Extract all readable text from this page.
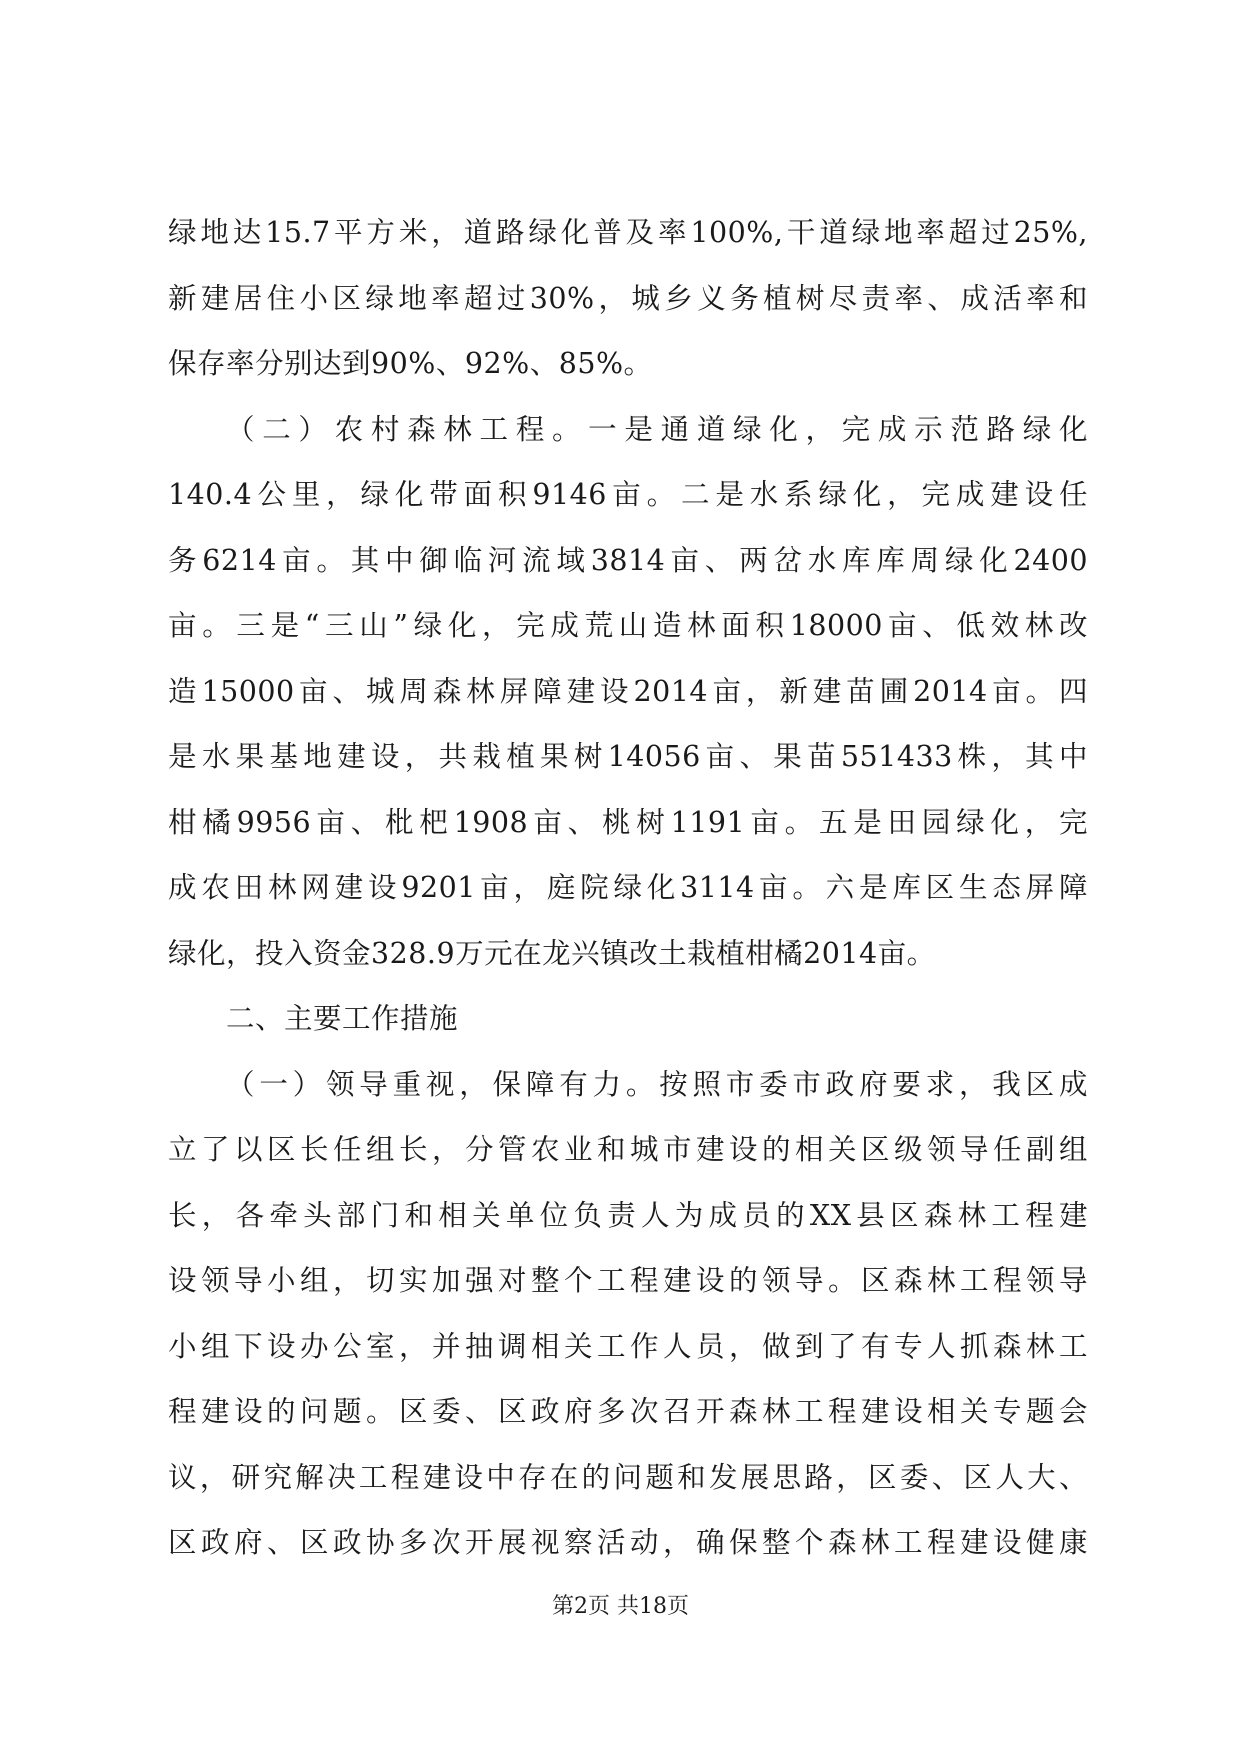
绿地达15.7平方米，道路绿化普及率100%,干道绿地率超过25%,
新建居住小区绿地率超过30%，城乡义务植树尽责率、成活率和
保存率分别达到90%、92%、85%。
（二）农村森林工程。一是通道绿化，完成示范路绿化
140.4公里，绿化带面积9146亩。二是水系绿化，完成建设任
务6214亩。其中御临河流域3814亩、两岔水库库周绿化2400
亩。三是“三山”绿化，完成荒山造林面积18000亩、低效林改
造15000亩、城周森林屏障建设2014亩，新建苗圃2014亩。四
是水果基地建设，共栽植果树14056亩、果苗551433株，其中
柑橘9956亩、枇杷1908亩、桃树1191亩。五是田园绿化，完
成农田林网建设9201亩，庭院绿化3114亩。六是库区生态屏障
绿化，投入资金328.9万元在龙兴镇改土栽植柑橘2014亩。
二、主要工作措施
（一）领导重视，保障有力。按照市委市政府要求，我区成
立了以区长任组长，分管农业和城市建设的相关区级领导任副组
长，各牵头部门和相关单位负责人为成员的XX县区森林工程建
设领导小组，切实加强对整个工程建设的领导。区森林工程领导
小组下设办公室，并抽调相关工作人员，做到了有专人抓森林工
程建设的问题。区委、区政府多次召开森林工程建设相关专题会
议，研究解决工程建设中存在的问题和发展思路，区委、区人大、
区政府、区政协多次开展视察活动，确保整个森林工程建设健康
第2页 共18页
